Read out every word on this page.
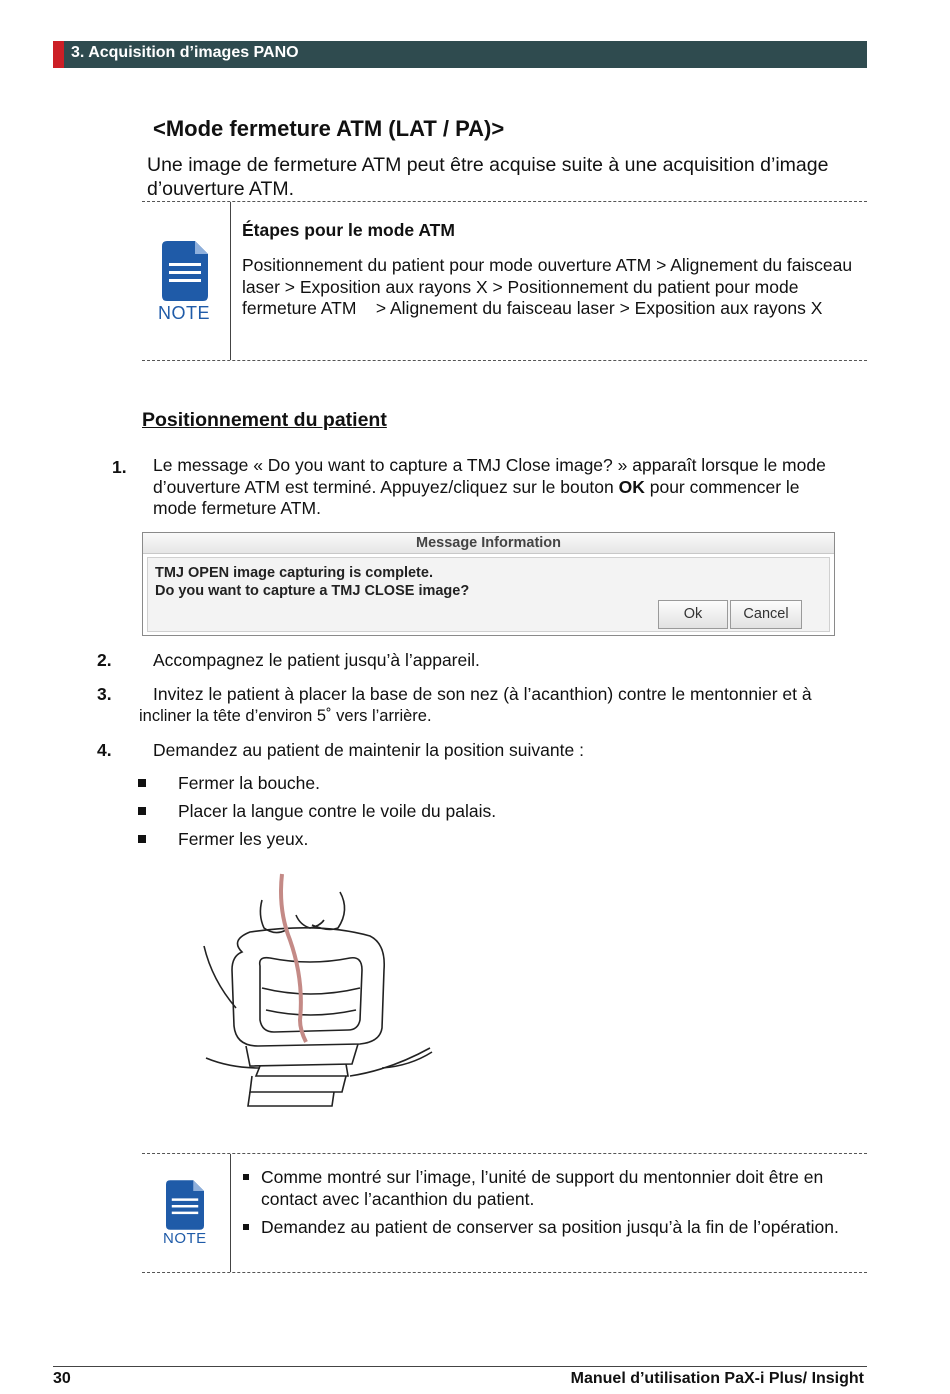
3. Acquisition d’images PANO
<Mode fermeture ATM (LAT / PA)>
Une image de fermeture ATM peut être acquise suite à une acquisition d’image d’ouverture ATM.
NOTE
Étapes pour le mode ATM
Positionnement du patient pour mode ouverture ATM > Alignement du faisceau laser > Exposition aux rayons X > Positionnement du patient pour mode fermeture ATM    > Alignement du faisceau laser > Exposition aux rayons X
Positionnement du patient
1. Le message « Do you want to capture a TMJ Close image? » apparaît lorsque le mode d’ouverture ATM est terminé. Appuyez/cliquez sur le bouton OK pour commencer le mode fermeture ATM.
Message Information
TMJ OPEN image capturing is complete.
Do you want to capture a TMJ CLOSE image?
Ok	Cancel
2. Accompagnez le patient jusqu’à l’appareil.
3. Invitez le patient à placer la base de son nez (à l’acanthion) contre le mentonnier et à
incliner la tête d’environ 5˚ vers l’arrière.
4. Demandez au patient de maintenir la position suivante :
Fermer la bouche.
Placer la langue contre le voile du palais.
Fermer les yeux.
NOTE
Comme montré sur l’image, l’unité de support du mentonnier doit être en contact avec l’acanthion du patient.
Demandez au patient de conserver sa position jusqu’à la fin de l’opération.
30	Manuel d’utilisation PaX-i Plus/ Insight
